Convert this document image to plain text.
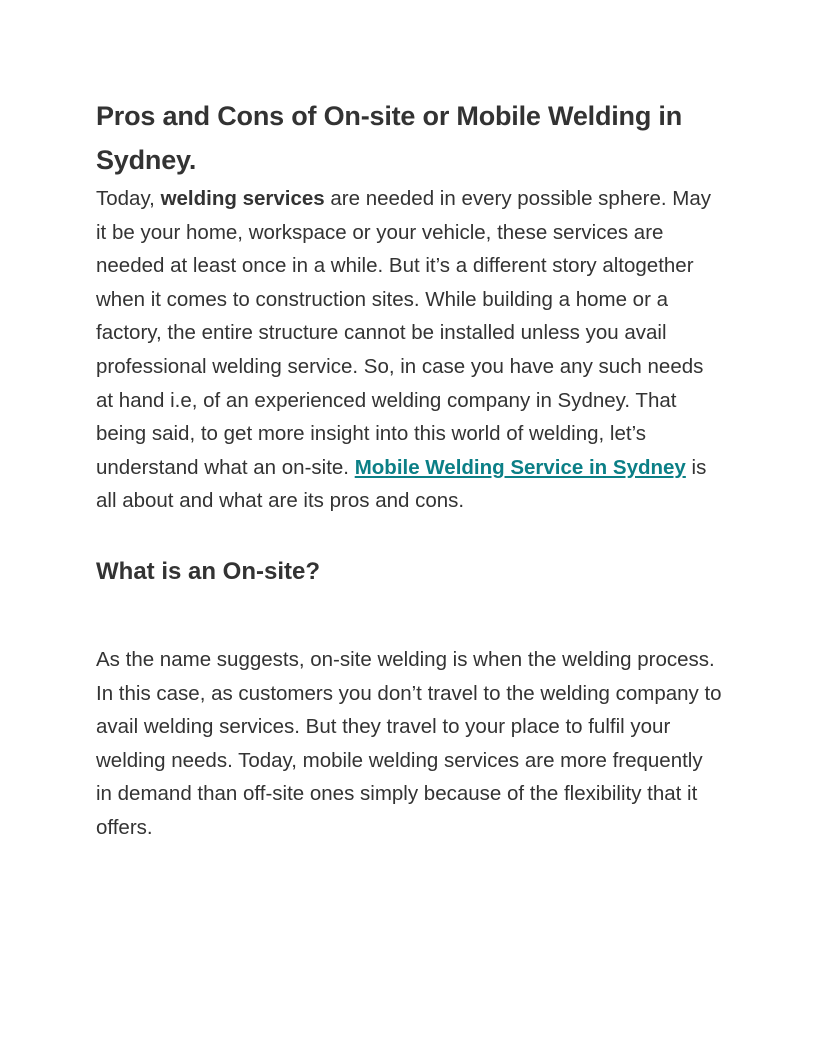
Pros and Cons of On-site or Mobile Welding in Sydney.

Today, welding services are needed in every possible sphere. May it be your home, workspace or your vehicle, these services are needed at least once in a while. But it’s a different story altogether when it comes to construction sites. While building a home or a factory, the entire structure cannot be installed unless you avail professional welding service. So, in case you have any such needs at hand i.e, of an experienced welding company in Sydney. That being said, to get more insight into this world of welding, let’s understand what an on-site. Mobile Welding Service in Sydney is all about and what are its pros and cons.

What is an On-site?

As the name suggests, on-site welding is when the welding process. In this case, as customers you don’t travel to the welding company to avail welding services. But they travel to your place to fulfil your welding needs. Today, mobile welding services are more frequently in demand than off-site ones simply because of the flexibility that it offers.
